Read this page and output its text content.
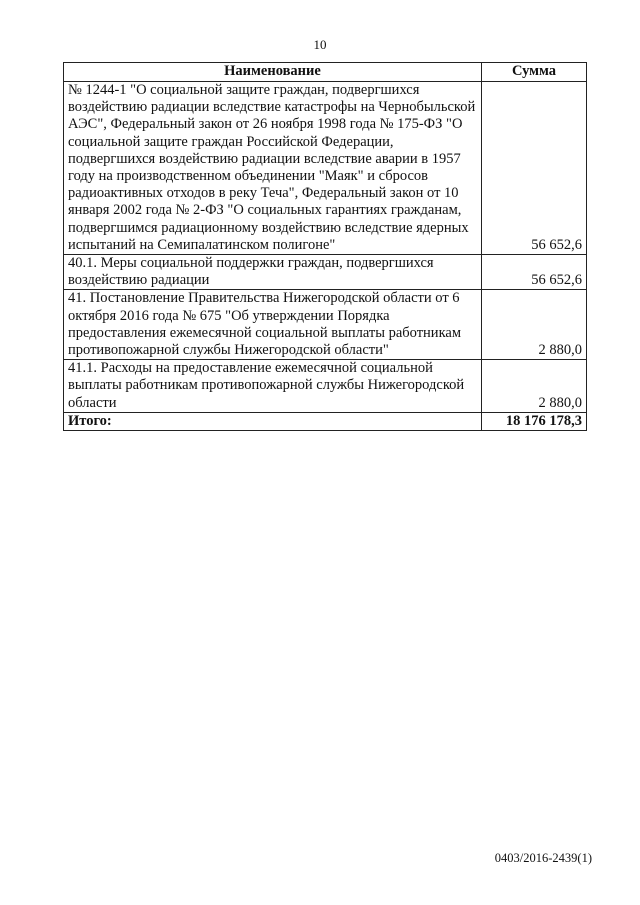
10
Наименование	Сумма
№ 1244-1 "О социальной защите граждан, подвергшихся воздействию радиации вследствие катастрофы на Чернобыльской АЭС", Федеральный закон от 26 ноября 1998 года № 175-ФЗ "О социальной защите граждан Российской Федерации, подвергшихся воздействию радиации вследствие аварии в 1957 году на производственном объединении "Маяк" и сбросов радиоактивных отходов в реку Теча", Федеральный закон от 10 января 2002 года № 2-ФЗ "О социальных гарантиях гражданам, подвергшимся радиационному воздействию вследствие ядерных испытаний на Семипалатинском полигоне"	56 652,6
40.1. Меры социальной поддержки граждан, подвергшихся воздействию радиации	56 652,6
41. Постановление Правительства Нижегородской области от 6 октября 2016 года № 675 "Об утверждении Порядка предоставления ежемесячной социальной выплаты работникам противопожарной службы Нижегородской области"	2 880,0
41.1. Расходы на предоставление ежемесячной социальной выплаты работникам противопожарной службы Нижегородской области	2 880,0
Итого:	18 176 178,3
0403/2016-2439(1)
